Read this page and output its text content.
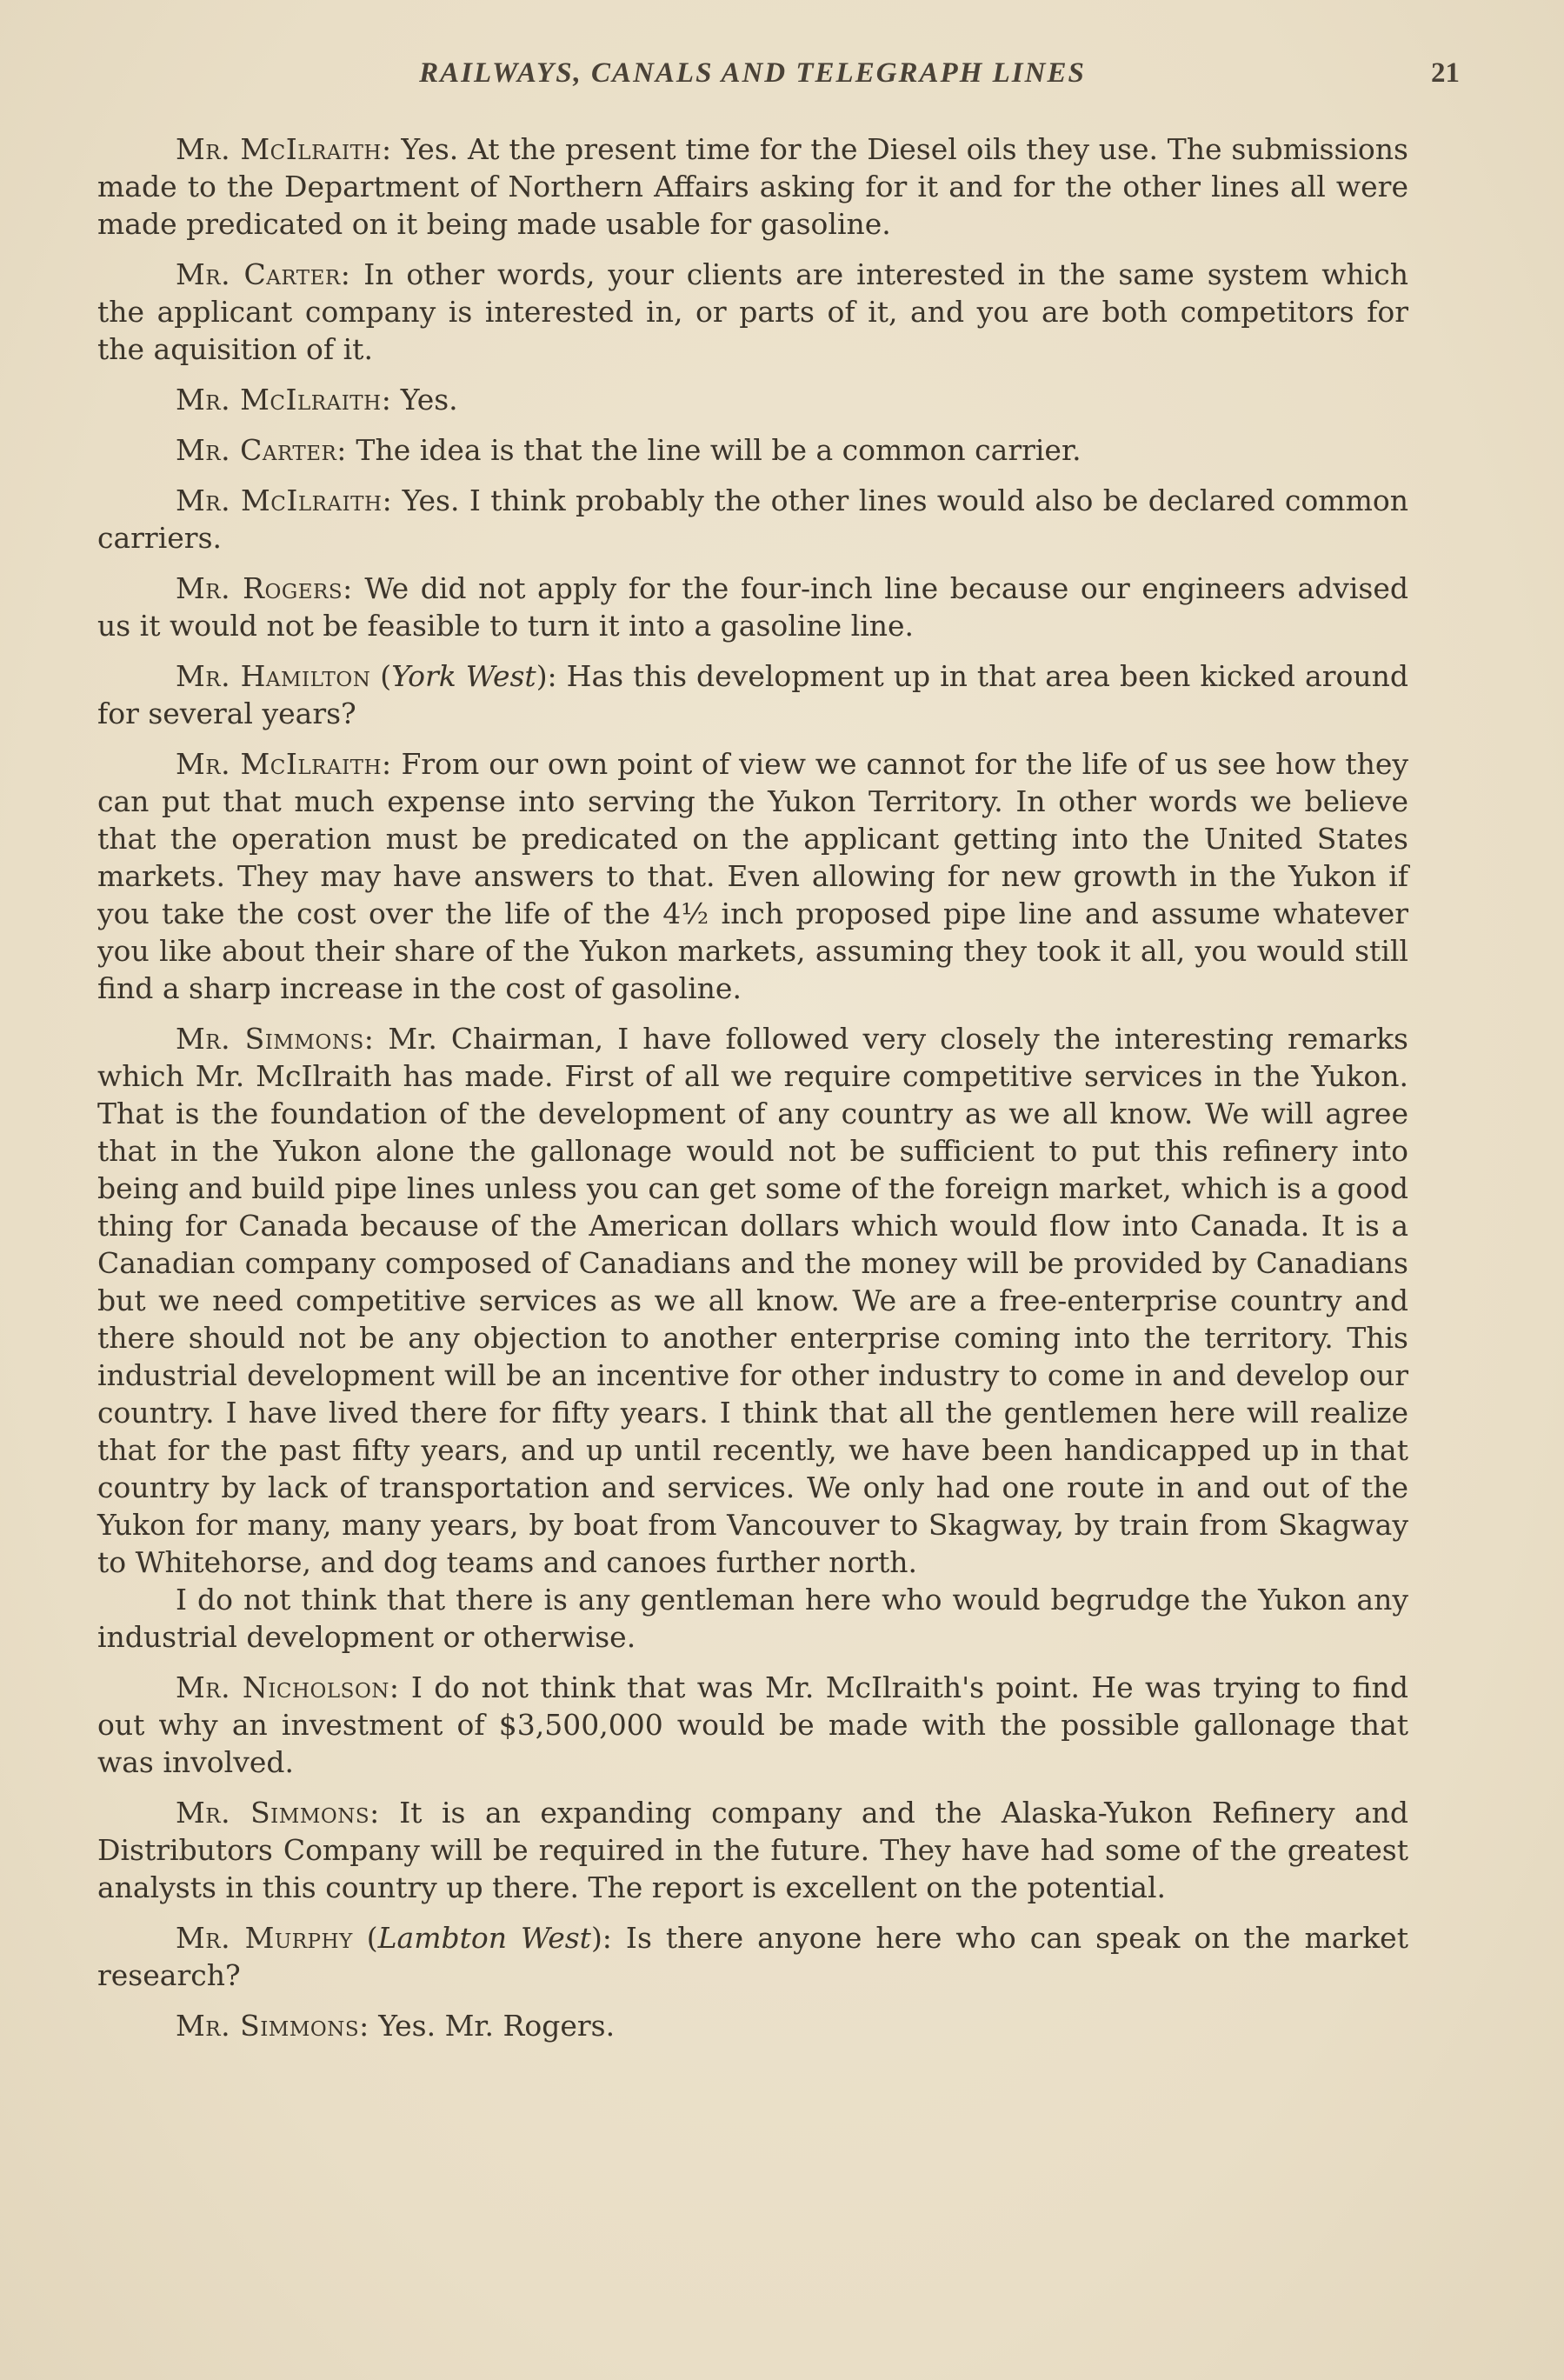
RAILWAYS, CANALS AND TELEGRAPH LINES	21

Mr. McIlraith: Yes. At the present time for the Diesel oils they use. The submissions made to the Department of Northern Affairs asking for it and for the other lines all were made predicated on it being made usable for gasoline.

Mr. Carter: In other words, your clients are interested in the same system which the applicant company is interested in, or parts of it, and you are both competitors for the aquisition of it.

Mr. McIlraith: Yes.

Mr. Carter: The idea is that the line will be a common carrier.

Mr. McIlraith: Yes. I think probably the other lines would also be declared common carriers.

Mr. Rogers: We did not apply for the four-inch line because our engineers advised us it would not be feasible to turn it into a gasoline line.

Mr. Hamilton (York West): Has this development up in that area been kicked around for several years?

Mr. McIlraith: From our own point of view we cannot for the life of us see how they can put that much expense into serving the Yukon Territory. In other words we believe that the operation must be predicated on the applicant getting into the United States markets. They may have answers to that. Even allowing for new growth in the Yukon if you take the cost over the life of the 4½ inch proposed pipe line and assume whatever you like about their share of the Yukon markets, assuming they took it all, you would still find a sharp increase in the cost of gasoline.

Mr. Simmons: Mr. Chairman, I have followed very closely the interesting remarks which Mr. McIlraith has made. First of all we require competitive services in the Yukon. That is the foundation of the development of any country as we all know. We will agree that in the Yukon alone the gallonage would not be sufficient to put this refinery into being and build pipe lines unless you can get some of the foreign market, which is a good thing for Canada because of the American dollars which would flow into Canada. It is a Canadian company composed of Canadians and the money will be provided by Canadians but we need competitive services as we all know. We are a free-enterprise country and there should not be any objection to another enterprise coming into the territory. This industrial development will be an incentive for other industry to come in and develop our country. I have lived there for fifty years. I think that all the gentlemen here will realize that for the past fifty years, and up until recently, we have been handicapped up in that country by lack of transportation and services. We only had one route in and out of the Yukon for many, many years, by boat from Vancouver to Skagway, by train from Skagway to Whitehorse, and dog teams and canoes further north.

I do not think that there is any gentleman here who would begrudge the Yukon any industrial development or otherwise.

Mr. Nicholson: I do not think that was Mr. McIlraith's point. He was trying to find out why an investment of $3,500,000 would be made with the possible gallonage that was involved.

Mr. Simmons: It is an expanding company and the Alaska-Yukon Refinery and Distributors Company will be required in the future. They have had some of the greatest analysts in this country up there. The report is excellent on the potential.

Mr. Murphy (Lambton West): Is there anyone here who can speak on the market research?

Mr. Simmons: Yes. Mr. Rogers.
